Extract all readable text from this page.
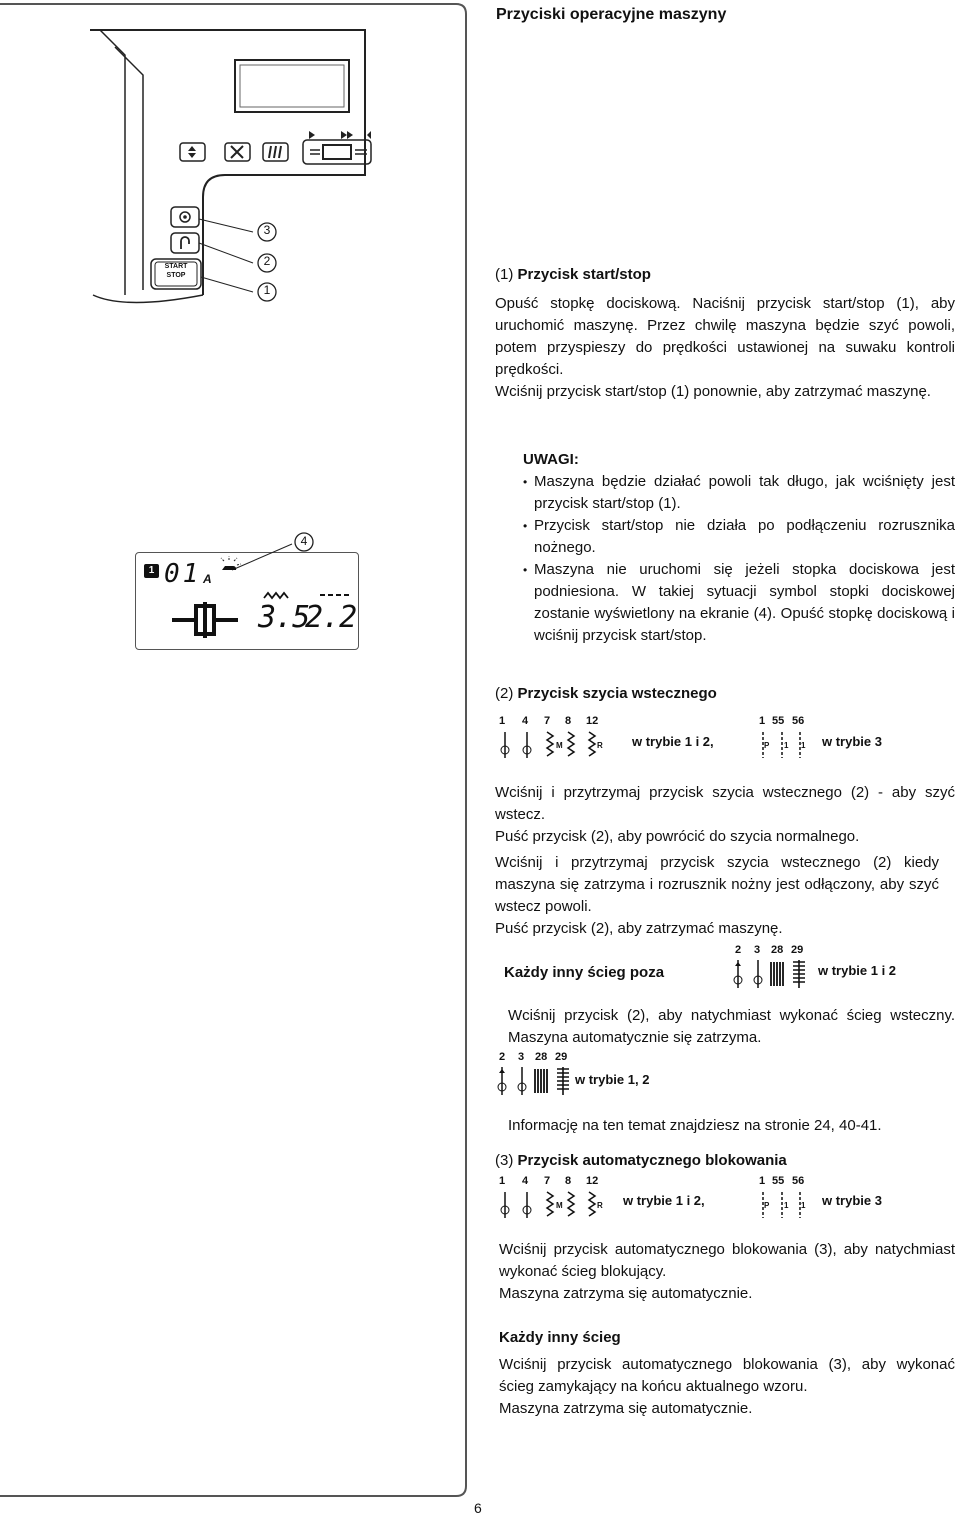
Przyciski operacyjne maszyny
START
STOP
3
2
1
(1) Przycisk start/stop
Opuść stopkę dociskową. Naciśnij przycisk start/stop (1), aby uruchomić maszynę. Przez chwilę maszyna będzie szyć powoli, potem przyspieszy do prędkości ustawionej na suwaku kontroli prędkości.
Wciśnij przycisk start/stop (1) ponownie, aby zatrzymać maszynę.
UWAGI:
• Maszyna będzie działać powoli tak długo, jak wciśnięty jest przycisk start/stop (1).
• Przycisk start/stop nie działa po podłączeniu rozrusznika nożnego.
• Maszyna nie uruchomi się jeżeli stopka dociskowa jest podniesiona. W takiej sytuacji symbol stopki dociskowej zostanie wyświetlony na ekranie (4). Opuść stopkę dociskową i wciśnij przycisk start/stop.
4
1 01 A
3.5
2.2
(2) Przycisk szycia wstecznego
1 4 7 8 12
M	R w trybie 1 i 2,
1 55 56
P 1 1 w trybie 3
Wciśnij i przytrzymaj przycisk szycia wstecznego (2) - aby szyć wstecz.
Puść przycisk (2), aby powrócić do szycia normalnego.
Wciśnij i przytrzymaj przycisk szycia wstecznego (2) kiedy maszyna się zatrzyma i rozrusznik nożny jest odłączony, aby szyć wstecz powoli.
Puść przycisk (2), aby zatrzymać maszynę.
Każdy inny ścieg poza
2 3 28 29
w trybie 1 i 2
Wciśnij przycisk (2), aby natychmiast wykonać ścieg wsteczny. Maszyna automatycznie się zatrzyma.
2 3 28 29
w trybie 1, 2
Informację na ten temat znajdziesz na stronie 24, 40-41.
(3) Przycisk automatycznego blokowania
1 4 7 8 12
M	R w trybie 1 i 2,
1 55 56
P 1 1 w trybie 3
Wciśnij przycisk automatycznego blokowania (3), aby natychmiast wykonać ścieg blokujący.
Maszyna zatrzyma się automatycznie.
Każdy inny ścieg
Wciśnij przycisk automatycznego blokowania (3), aby wykonać ścieg zamykający na końcu aktualnego wzoru.
Maszyna zatrzyma się automatycznie.
6
